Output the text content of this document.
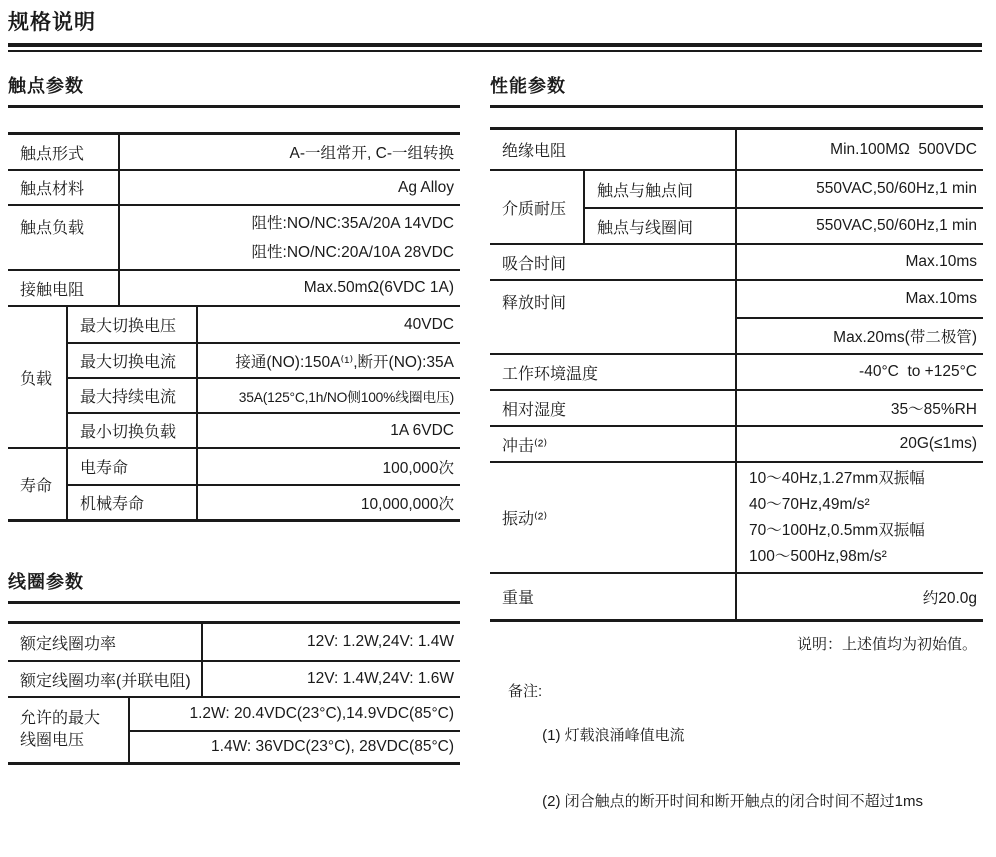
规格说明
触点参数
触点形式	A-一组常开, C-一组转换
触点材料	Ag Alloy
触点负载	阻性:NO/NC:35A/20A 14VDC
阻性:NO/NC:20A/10A 28VDC
接触电阻	Max.50mΩ(6VDC 1A)
负载
最大切换电压	40VDC
最大切换电流	接通(NO):150A⁽¹⁾,断开(NO):35A
最大持续电流	35A(125°C,1h/NO侧100%线圈电压)
最小切换负载	1A 6VDC
寿命
电寿命	100,000次
机械寿命	10,000,000次
线圈参数
额定线圈功率	12V: 1.2W,24V: 1.4W
额定线圈功率(并联电阻)	12V: 1.4W,24V: 1.6W
允许的最大
线圈电压
1.2W: 20.4VDC(23°C),14.9VDC(85°C)
1.4W: 36VDC(23°C), 28VDC(85°C)
性能参数
绝缘电阻	Min.100MΩ  500VDC
介质耐压
触点与触点间	550VAC,50/60Hz,1 min
触点与线圈间	550VAC,50/60Hz,1 min
吸合时间	Max.10ms
释放时间	Max.10ms
Max.20ms(带二极管)
工作环境温度	-40°C  to +125°C
相对湿度	35～85%RH
冲击⁽²⁾	20G(≤1ms)
振动⁽²⁾
10～40Hz,1.27mm双振幅
40～70Hz,49m/s²
70～100Hz,0.5mm双振幅
100～500Hz,98m/s²
重量	约20.0g
说明：上述值均为初始值。
备注:

(1) 灯载浪涌峰值电流

(2) 闭合触点的断开时间和断开触点的闭合时间不超过1ms
